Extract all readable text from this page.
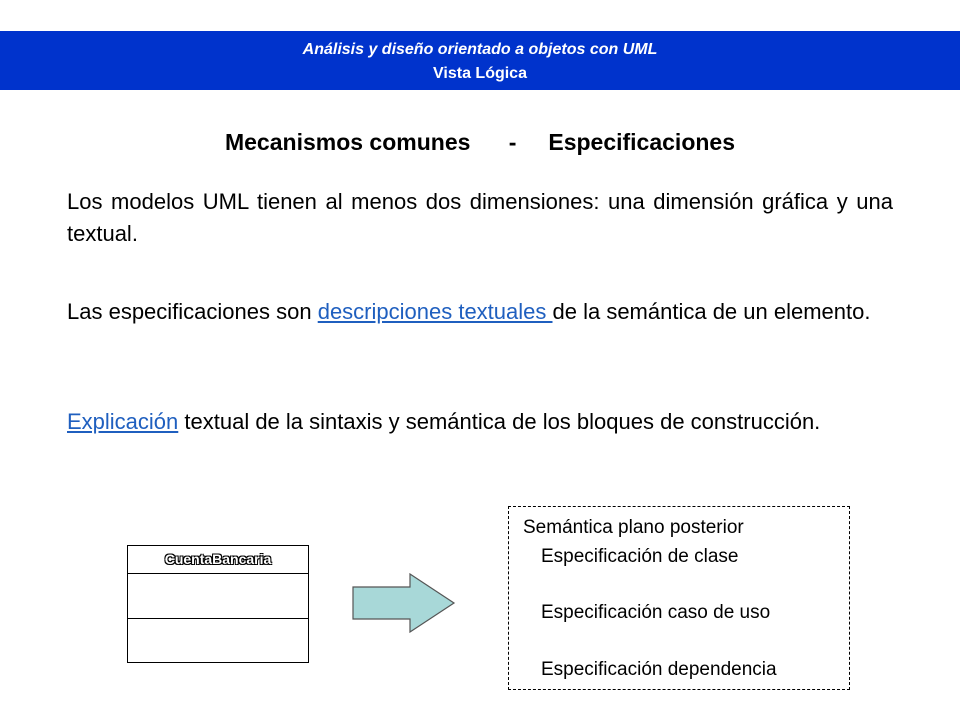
Análisis y diseño orientado a objetos con UML
Vista Lógica
Mecanismos comunes      -     Especificaciones
Los modelos UML tienen al menos dos dimensiones: una dimensión gráfica y una textual.
Las especificaciones son descripciones textuales de la semántica de un elemento.
Explicación textual de la sintaxis y semántica de los bloques de construcción.
CuentaBancaria
Semántica plano posterior
Especificación de clase
Especificación caso de uso
Especificación dependencia
